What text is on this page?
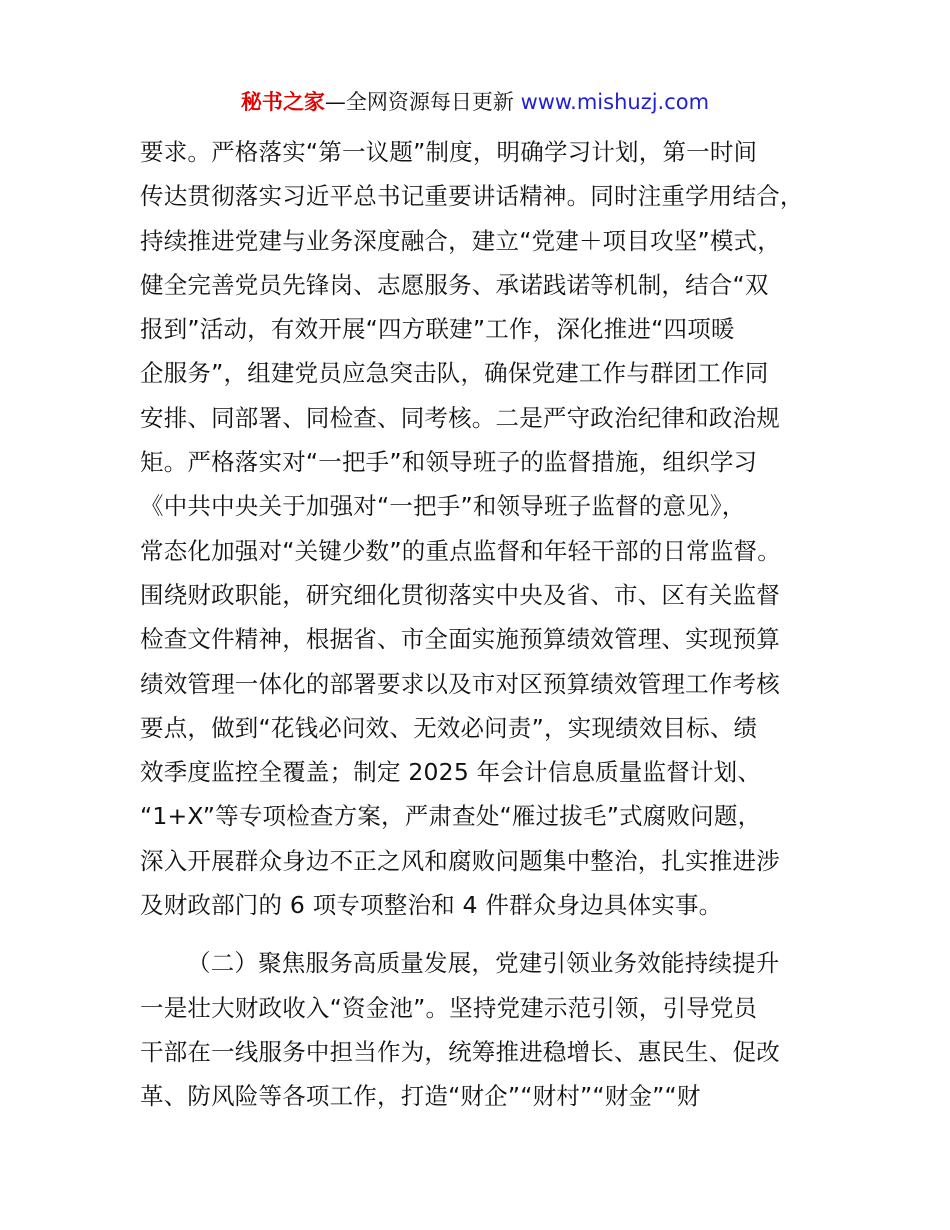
秘书之家—全网资源每日更新 www.mishuzj.com
要求。严格落实“第一议题”制度，明确学习计划，第一时间
传达贯彻落实习近平总书记重要讲话精神。同时注重学用结合，
持续推进党建与业务深度融合，建立“党建＋项目攻坚”模式，
健全完善党员先锋岗、志愿服务、承诺践诺等机制，结合“双
报到”活动，有效开展“四方联建”工作，深化推进“四项暖
企服务”，组建党员应急突击队，确保党建工作与群团工作同
安排、同部署、同检查、同考核。二是严守政治纪律和政治规
矩。严格落实对“一把手”和领导班子的监督措施，组织学习
《中共中央关于加强对“一把手”和领导班子监督的意见》，
常态化加强对“关键少数”的重点监督和年轻干部的日常监督。
围绕财政职能，研究细化贯彻落实中央及省、市、区有关监督
检查文件精神，根据省、市全面实施预算绩效管理、实现预算
绩效管理一体化的部署要求以及市对区预算绩效管理工作考核
要点，做到“花钱必问效、无效必问责”，实现绩效目标、绩
效季度监控全覆盖；制定 2025 年会计信息质量监督计划、
“1+X”等专项检查方案，严肃查处“雁过拔毛”式腐败问题，
深入开展群众身边不正之风和腐败问题集中整治，扎实推进涉
及财政部门的 6 项专项整治和 4 件群众身边具体实事。
（二）聚焦服务高质量发展，党建引领业务效能持续提升
一是壮大财政收入“资金池”。坚持党建示范引领，引导党员
干部在一线服务中担当作为，统筹推进稳增长、惠民生、促改
革、防风险等各项工作，打造“财企”“财村”“财金”“财
